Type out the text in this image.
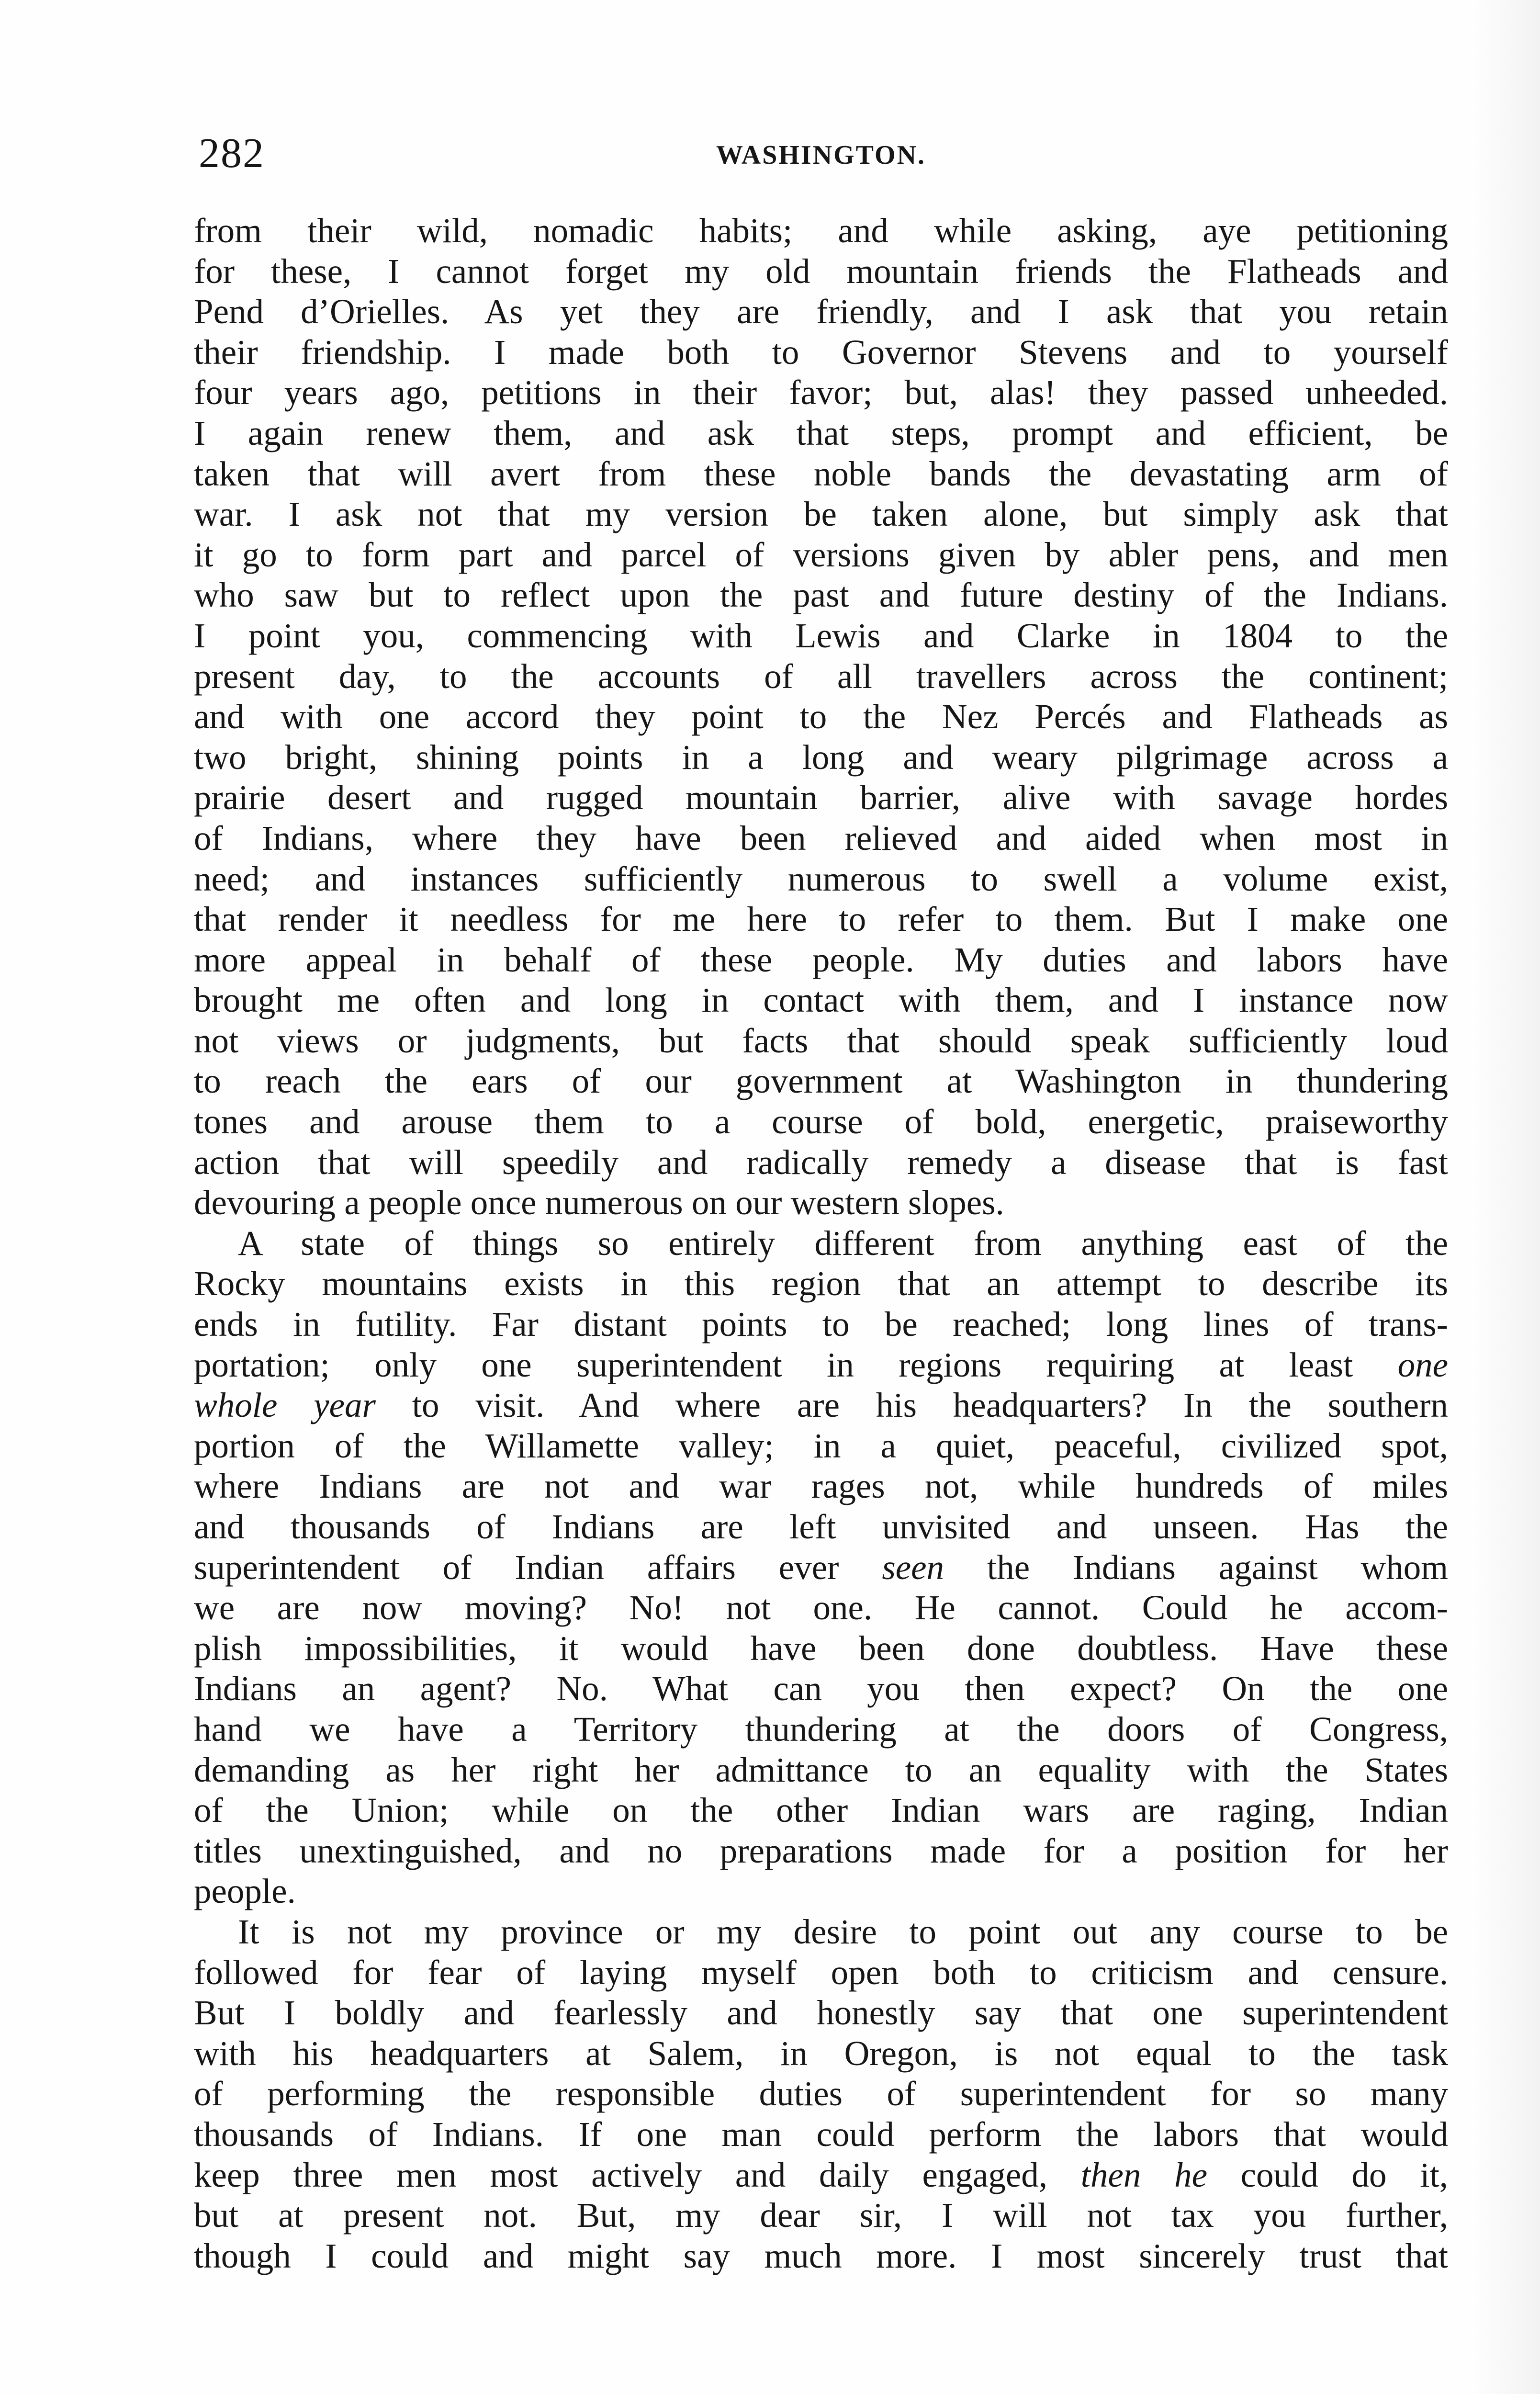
282	WASHINGTON.
from their wild, nomadic habits; and while asking, aye petitioning
for these, I cannot forget my old mountain friends the Flatheads and
Pend d’Orielles. As yet they are friendly, and I ask that you retain
their friendship. I made both to Governor Stevens and to yourself
four years ago, petitions in their favor; but, alas! they passed unheeded.
I again renew them, and ask that steps, prompt and efficient, be
taken that will avert from these noble bands the devastating arm of
war. I ask not that my version be taken alone, but simply ask that
it go to form part and parcel of versions given by abler pens, and men
who saw but to reflect upon the past and future destiny of the Indians.
I point you, commencing with Lewis and Clarke in 1804 to the
present day, to the accounts of all travellers across the continent;
and with one accord they point to the Nez Percés and Flatheads as
two bright, shining points in a long and weary pilgrimage across a
prairie desert and rugged mountain barrier, alive with savage hordes
of Indians, where they have been relieved and aided when most in
need; and instances sufficiently numerous to swell a volume exist,
that render it needless for me here to refer to them. But I make one
more appeal in behalf of these people. My duties and labors have
brought me often and long in contact with them, and I instance now
not views or judgments, but facts that should speak sufficiently loud
to reach the ears of our government at Washington in thundering
tones and arouse them to a course of bold, energetic, praiseworthy
action that will speedily and radically remedy a disease that is fast
devouring a people once numerous on our western slopes.
A state of things so entirely different from anything east of the
Rocky mountains exists in this region that an attempt to describe its
ends in futility. Far distant points to be reached; long lines of trans-
portation; only one superintendent in regions requiring at least one
whole year to visit. And where are his headquarters? In the southern
portion of the Willamette valley; in a quiet, peaceful, civilized spot,
where Indians are not and war rages not, while hundreds of miles
and thousands of Indians are left unvisited and unseen. Has the
superintendent of Indian affairs ever seen the Indians against whom
we are now moving? No! not one. He cannot. Could he accom-
plish impossibilities, it would have been done doubtless. Have these
Indians an agent? No. What can you then expect? On the one
hand we have a Territory thundering at the doors of Congress,
demanding as her right her admittance to an equality with the States
of the Union; while on the other Indian wars are raging, Indian
titles unextinguished, and no preparations made for a position for her
people.
It is not my province or my desire to point out any course to be
followed for fear of laying myself open both to criticism and censure.
But I boldly and fearlessly and honestly say that one superintendent
with his headquarters at Salem, in Oregon, is not equal to the task
of performing the responsible duties of superintendent for so many
thousands of Indians. If one man could perform the labors that would
keep three men most actively and daily engaged, then he could do it,
but at present not. But, my dear sir, I will not tax you further,
though I could and might say much more. I most sincerely trust that
